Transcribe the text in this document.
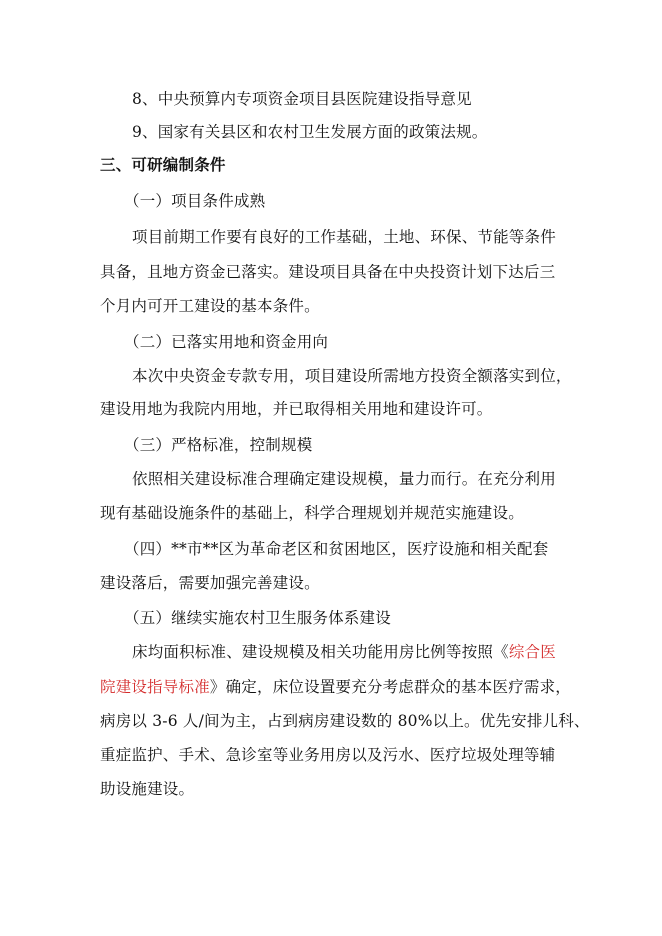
8、中央预算内专项资金项目县医院建设指导意见
9、国家有关县区和农村卫生发展方面的政策法规。
三、可研编制条件
（一）项目条件成熟
项目前期工作要有良好的工作基础，土地、环保、节能等条件
具备，且地方资金已落实。建设项目具备在中央投资计划下达后三
个月内可开工建设的基本条件。
（二）已落实用地和资金用向
本次中央资金专款专用，项目建设所需地方投资全额落实到位，
建设用地为我院内用地，并已取得相关用地和建设许可。
（三）严格标准，控制规模
依照相关建设标准合理确定建设规模，量力而行。在充分利用
现有基础设施条件的基础上，科学合理规划并规范实施建设。
（四）**市**区为革命老区和贫困地区，医疗设施和相关配套
建设落后，需要加强完善建设。
（五）继续实施农村卫生服务体系建设
床均面积标准、建设规模及相关功能用房比例等按照《综合医
院建设指导标准》确定，床位设置要充分考虑群众的基本医疗需求，
病房以 3-6 人/间为主，占到病房建设数的 80%以上。优先安排儿科、
重症监护、手术、急诊室等业务用房以及污水、医疗垃圾处理等辅
助设施建设。
